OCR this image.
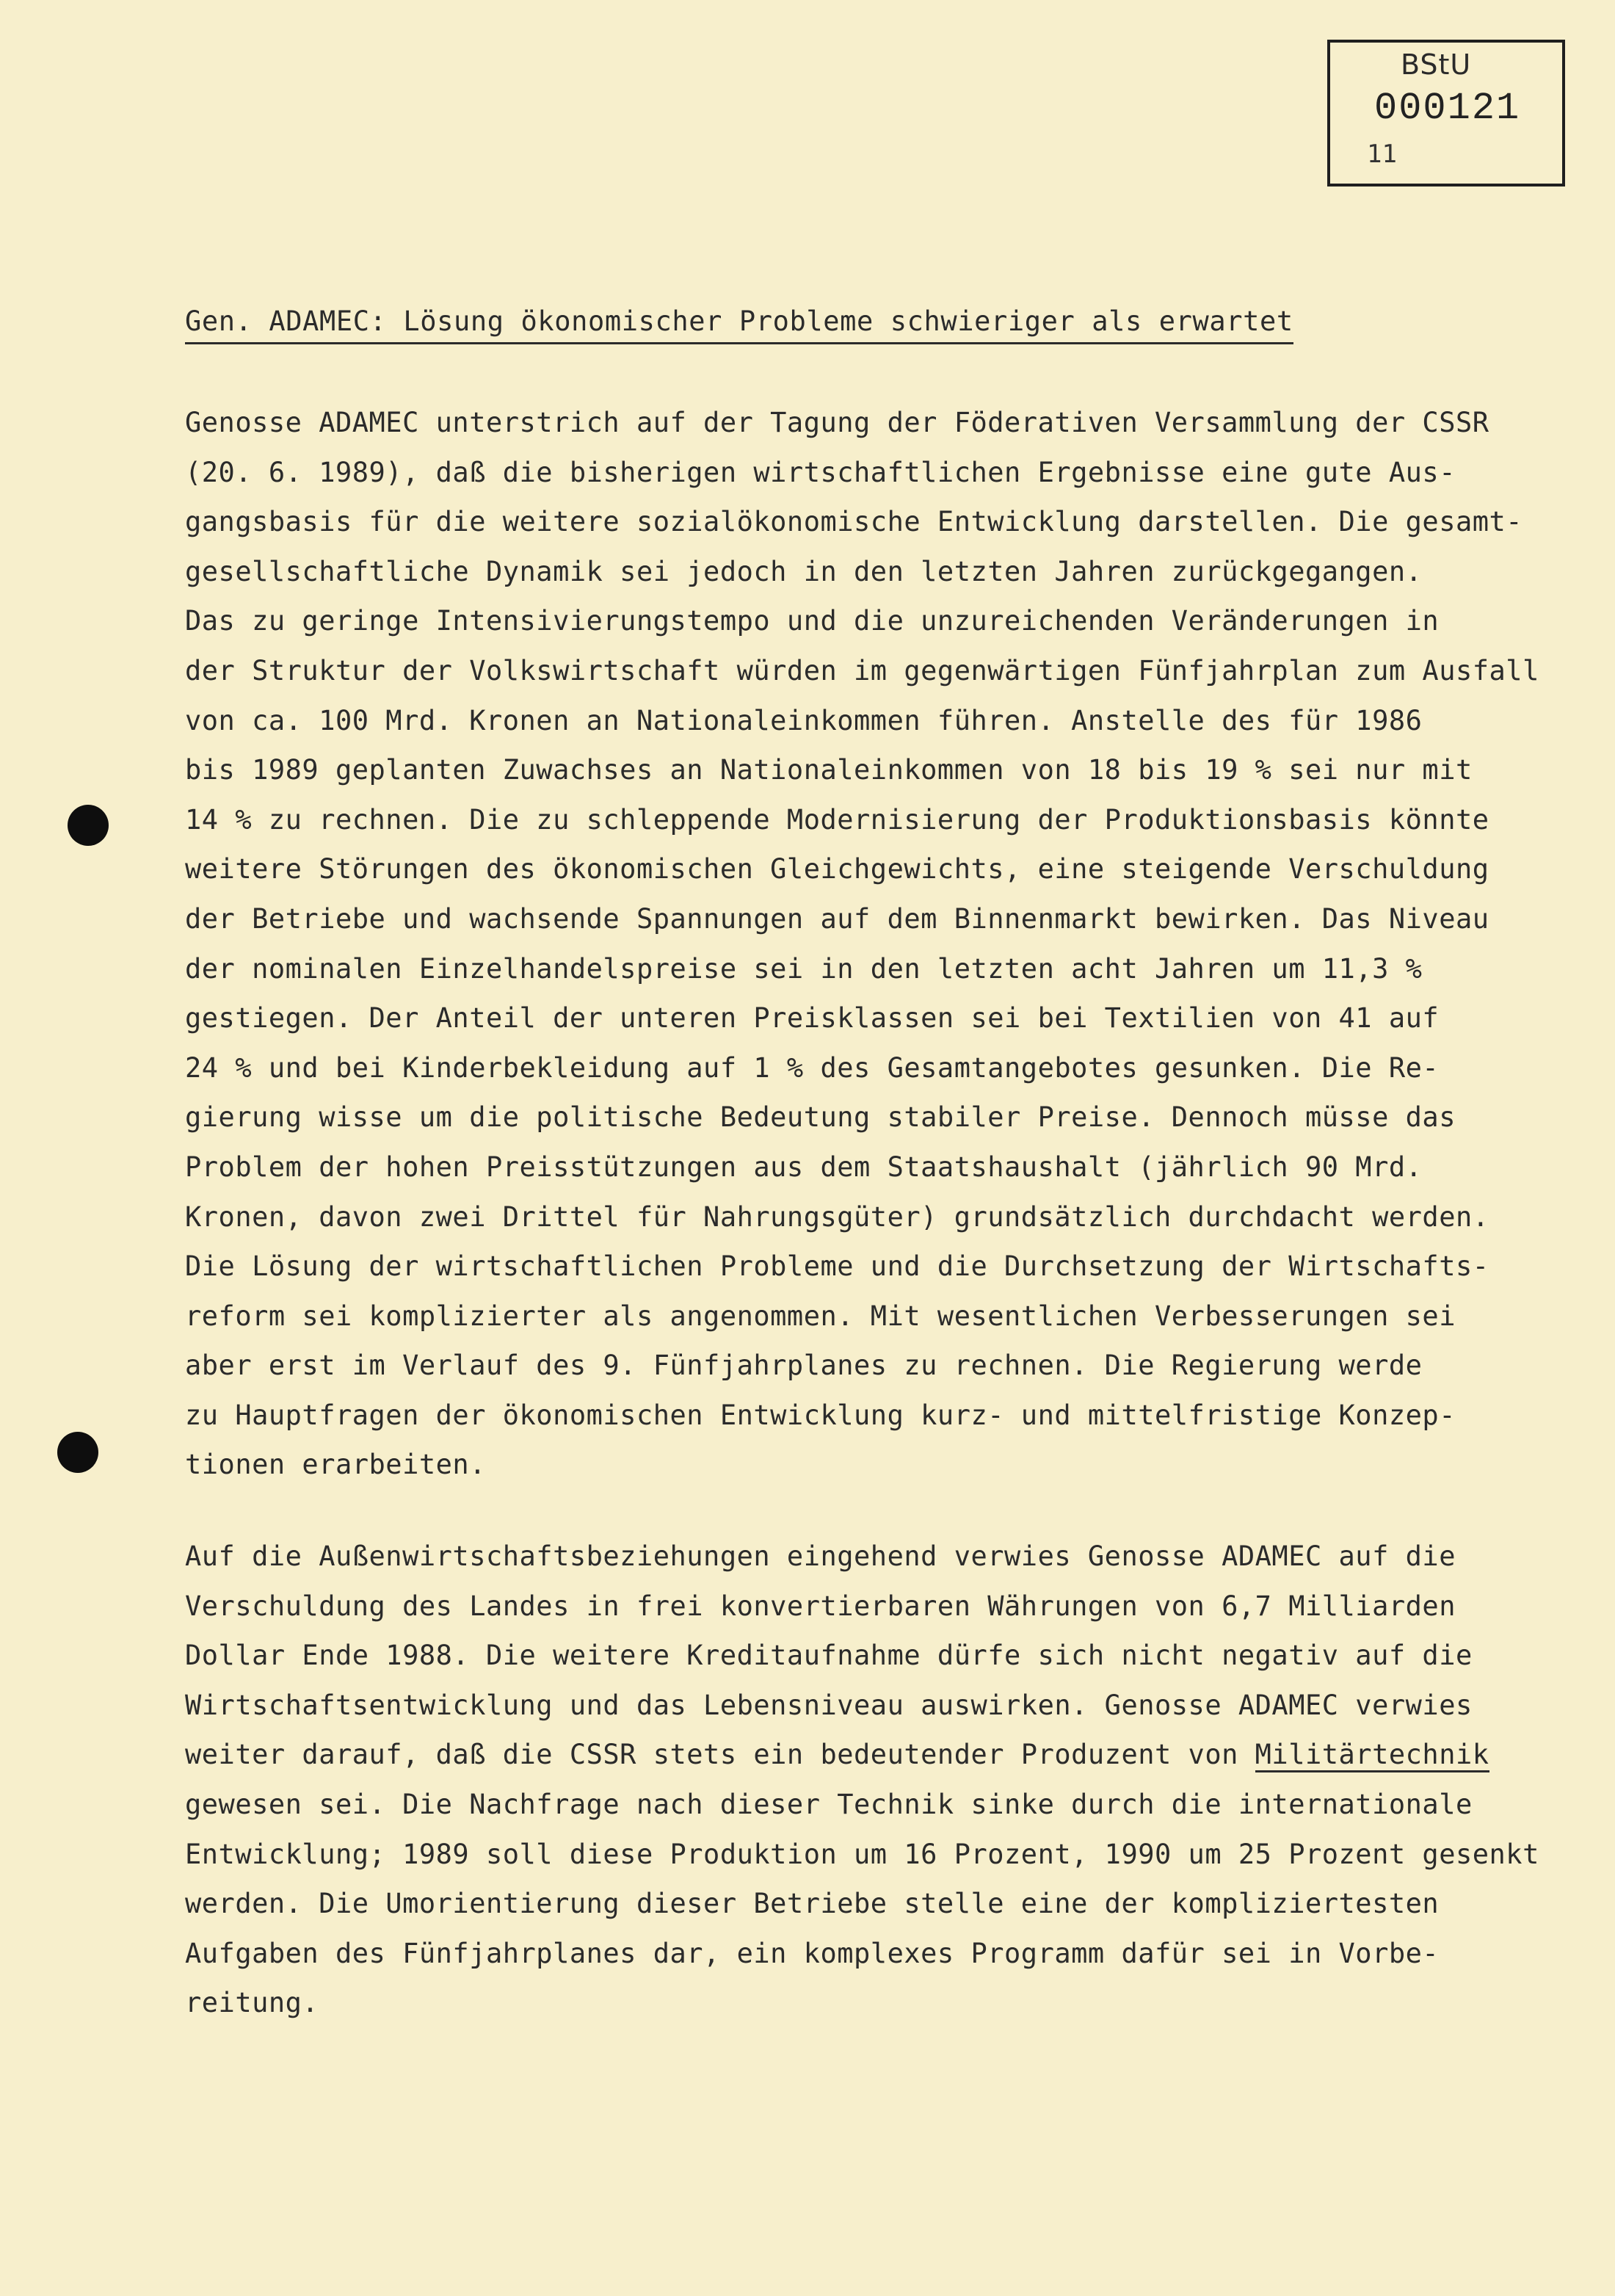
BStU
000121
11
Gen. ADAMEC: Lösung ökonomischer Probleme schwieriger als erwartet
Genosse ADAMEC unterstrich auf der Tagung der Föderativen Versammlung der CSSR
(20. 6. 1989), daß die bisherigen wirtschaftlichen Ergebnisse eine gute Aus-
gangsbasis für die weitere sozialökonomische Entwicklung darstellen. Die gesamt-
gesellschaftliche Dynamik sei jedoch in den letzten Jahren zurückgegangen.
Das zu geringe Intensivierungstempo und die unzureichenden Veränderungen in
der Struktur der Volkswirtschaft würden im gegenwärtigen Fünfjahrplan zum Ausfall
von ca. 100 Mrd. Kronen an Nationaleinkommen führen. Anstelle des für 1986
bis 1989 geplanten Zuwachses an Nationaleinkommen von 18 bis 19 % sei nur mit
14 % zu rechnen. Die zu schleppende Modernisierung der Produktionsbasis könnte
weitere Störungen des ökonomischen Gleichgewichts, eine steigende Verschuldung
der Betriebe und wachsende Spannungen auf dem Binnenmarkt bewirken. Das Niveau
der nominalen Einzelhandelspreise sei in den letzten acht Jahren um 11,3 %
gestiegen. Der Anteil der unteren Preisklassen sei bei Textilien von 41 auf
24 % und bei Kinderbekleidung auf 1 % des Gesamtangebotes gesunken. Die Re-
gierung wisse um die politische Bedeutung stabiler Preise. Dennoch müsse das
Problem der hohen Preisstützungen aus dem Staatshaushalt (jährlich 90 Mrd.
Kronen, davon zwei Drittel für Nahrungsgüter) grundsätzlich durchdacht werden.
Die Lösung der wirtschaftlichen Probleme und die Durchsetzung der Wirtschafts-
reform sei komplizierter als angenommen. Mit wesentlichen Verbesserungen sei
aber erst im Verlauf des 9. Fünfjahrplanes zu rechnen. Die Regierung werde
zu Hauptfragen der ökonomischen Entwicklung kurz- und mittelfristige Konzep-
tionen erarbeiten.
Auf die Außenwirtschaftsbeziehungen eingehend verwies Genosse ADAMEC auf die
Verschuldung des Landes in frei konvertierbaren Währungen von 6,7 Milliarden
Dollar Ende 1988. Die weitere Kreditaufnahme dürfe sich nicht negativ auf die
Wirtschaftsentwicklung und das Lebensniveau auswirken. Genosse ADAMEC verwies
weiter darauf, daß die CSSR stets ein bedeutender Produzent von Militärtechnik
gewesen sei. Die Nachfrage nach dieser Technik sinke durch die internationale
Entwicklung; 1989 soll diese Produktion um 16 Prozent, 1990 um 25 Prozent gesenkt
werden. Die Umorientierung dieser Betriebe stelle eine der kompliziertesten
Aufgaben des Fünfjahrplanes dar, ein komplexes Programm dafür sei in Vorbe-
reitung.
